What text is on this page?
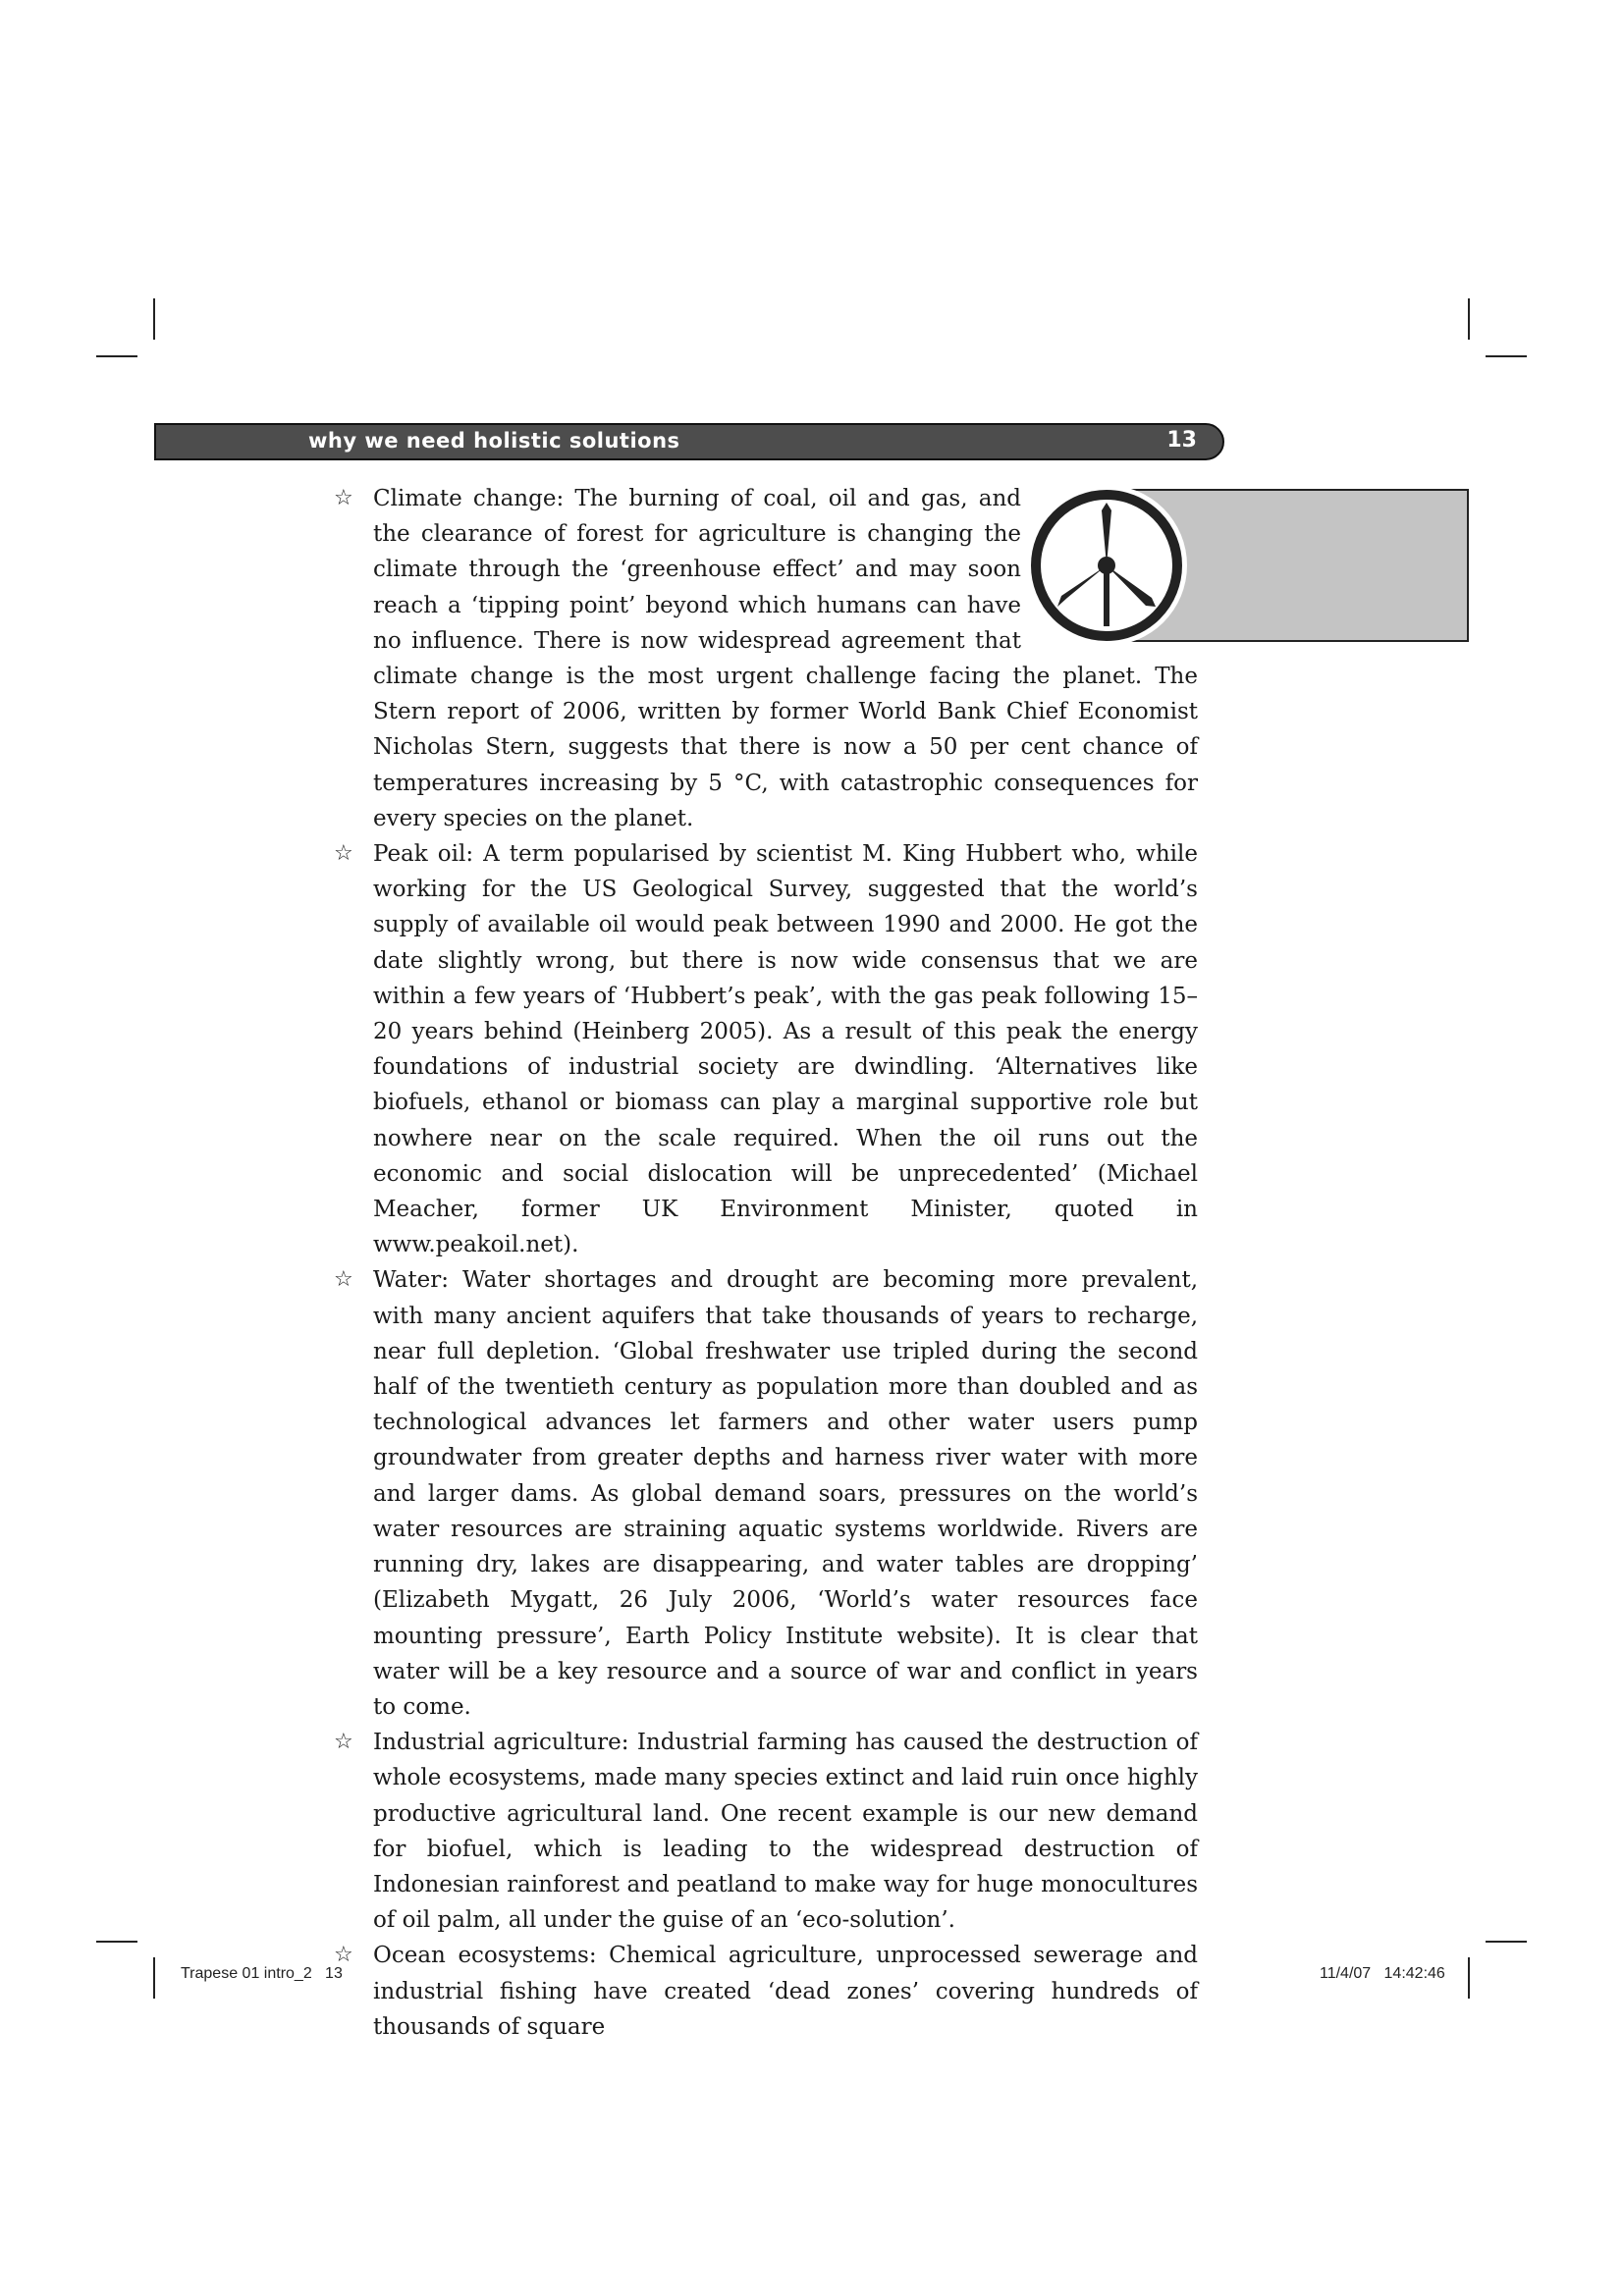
why we need holistic solutions	13
☆ Climate change: The burning of coal, oil and gas, and the clearance of forest for agriculture is changing the climate through the ‘greenhouse effect’ and may soon reach a ‘tipping point’ beyond which humans can have no influence. There is now widespread agreement that climate change is the most urgent challenge facing the planet. The Stern report of 2006, written by former World Bank Chief Economist Nicholas Stern, suggests that there is now a 50 per cent chance of temperatures increasing by 5 °C, with catastrophic consequences for every species on the planet.
☆ Peak oil: A term popularised by scientist M. King Hubbert who, while working for the US Geological Survey, suggested that the world’s supply of available oil would peak between 1990 and 2000. He got the date slightly wrong, but there is now wide consensus that we are within a few years of ‘Hubbert’s peak’, with the gas peak following 15–20 years behind (Heinberg 2005). As a result of this peak the energy foundations of industrial society are dwindling. ‘Alternatives like biofuels, ethanol or biomass can play a marginal supportive role but nowhere near on the scale required. When the oil runs out the economic and social dislocation will be unprecedented’ (Michael Meacher, former UK Environment Minister, quoted in www.peakoil.net).
☆ Water: Water shortages and drought are becoming more prevalent, with many ancient aquifers that take thousands of years to recharge, near full depletion. ‘Global freshwater use tripled during the second half of the twentieth century as population more than doubled and as technological advances let farmers and other water users pump groundwater from greater depths and harness river water with more and larger dams. As global demand soars, pressures on the world’s water resources are straining aquatic systems worldwide. Rivers are running dry, lakes are disappearing, and water tables are dropping’ (Elizabeth Mygatt, 26 July 2006, ‘World’s water resources face mounting pressure’, Earth Policy Institute website). It is clear that water will be a key resource and a source of war and conflict in years to come.
☆ Industrial agriculture: Industrial farming has caused the destruction of whole ecosystems, made many species extinct and laid ruin once highly productive agricultural land. One recent example is our new demand for biofuel, which is leading to the widespread destruction of Indonesian rainforest and peatland to make way for huge monocultures of oil palm, all under the guise of an ‘eco-solution’.
☆ Ocean ecosystems: Chemical agriculture, unprocessed sewerage and industrial fishing have created ‘dead zones’ covering hundreds of thousands of square
Trapese 01 intro_2   13	11/4/07   14:42:46
